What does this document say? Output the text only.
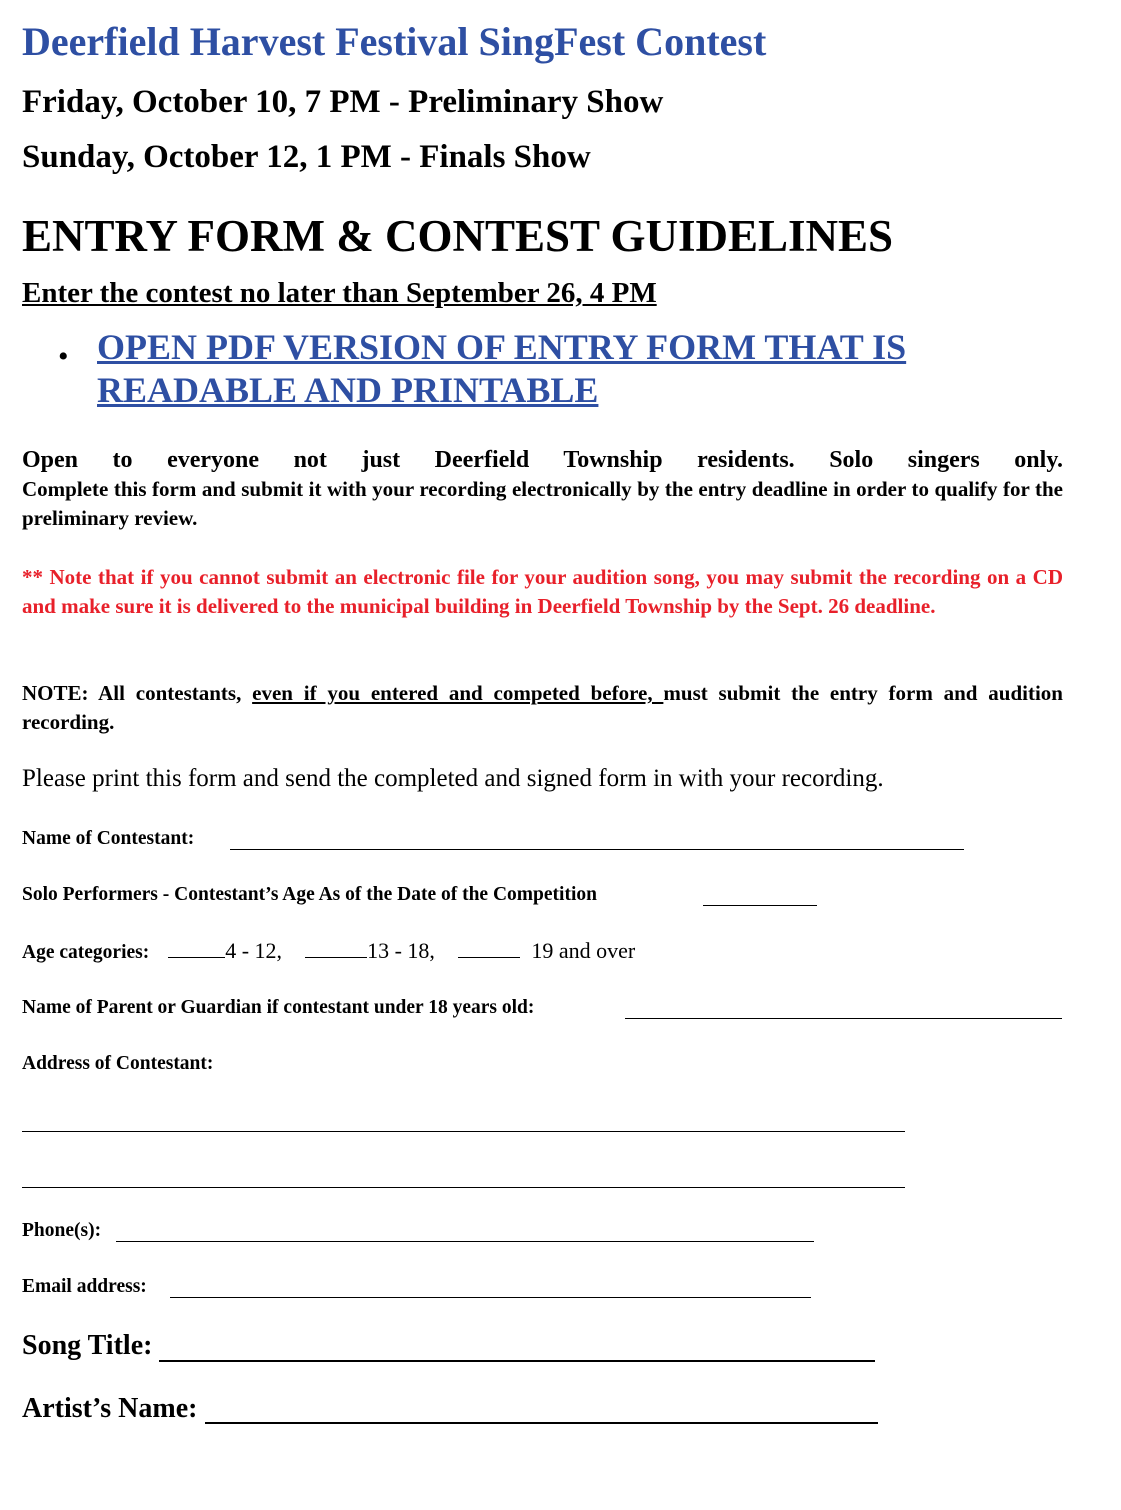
Deerfield Harvest Festival SingFest Contest
Friday, October 10, 7 PM - Preliminary Show
Sunday, October 12, 1 PM - Finals Show
ENTRY FORM & CONTEST GUIDELINES
Enter the contest no later than September 26, 4 PM
• OPEN PDF VERSION OF ENTRY FORM THAT IS
READABLE AND PRINTABLE
Open to everyone not just Deerfield Township residents. Solo singers only.
Complete this form and submit it with your recording electronically by the entry deadline in order to qualify for the preliminary review.
** Note that if you cannot submit an electronic file for your audition song, you may submit the recording on a CD and make sure it is delivered to the municipal building in Deerfield Township by the Sept. 26 deadline.
NOTE: All contestants, even if you entered and competed before, must submit the entry form and audition recording.
Please print this form and send the completed and signed form in with your recording.
Name of Contestant:
Solo Performers - Contestant’s Age As of the Date of the Competition
Age categories:	4 - 12,	13 - 18,	19 and over
Name of Parent or Guardian if contestant under 18 years old:
Address of Contestant:
Phone(s):
Email address:
Song Title:
Artist’s Name:
